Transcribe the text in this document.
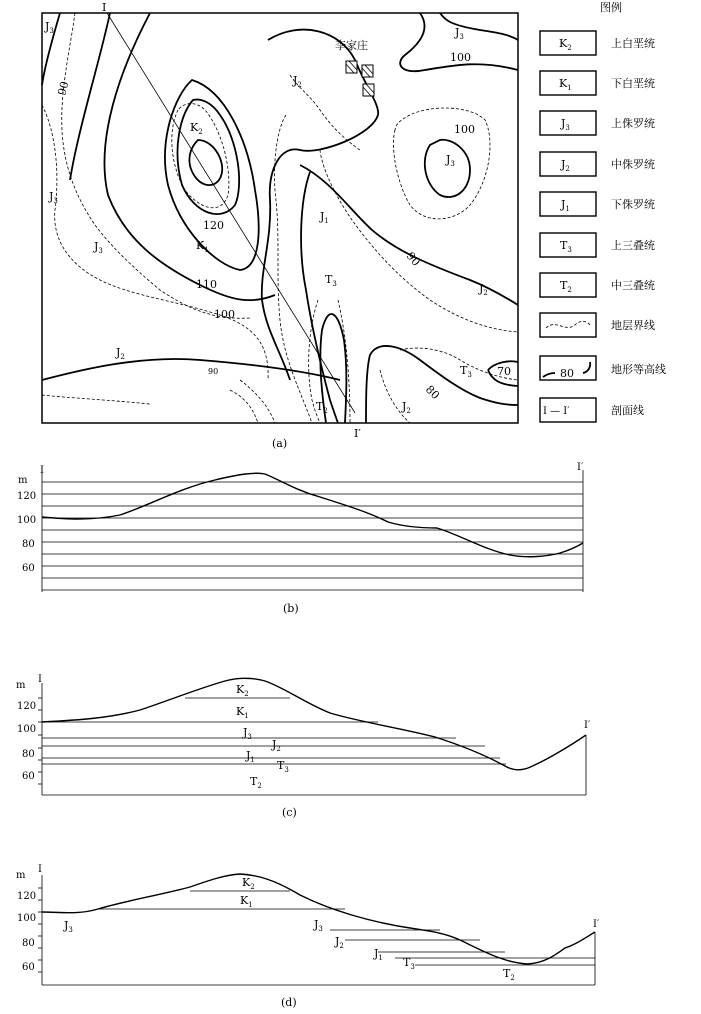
李家庄
I
I′
90
120
110
100
90
100
100
90
80
70
$J_3$
$J_2$
$J_3$
$K_2$
$J_3$
$J_3$
$J_3$	$K_1$
$J_1$
$T_3$	$J_2$
$J_2$
$T_3$
$T_2$	$J_2$
(a)
图例
$K_2$	上白垩统
$K_1$	下白垩统
$J_3$	上侏罗统
$J_2$	中侏罗统
$J_1$	下侏罗统
$T_3$	上三叠统
$T_2$	中三叠统
地层界线
80	地形等高线
I — I′	剖面线
m
I	I′
120
100
80
60
(b)
m
I
I′
120
100
80
60
$K_2$
$K_1$
$J_3$
$J_2$
$J_1$ $T_3$
$T_2$
(c)
m
I
I′
120
100
80
60
$K_2$
$K_1$
$J_3$	$J_3$
$J_2$
$J_1$ $T_3$	$T_2$
(d)
